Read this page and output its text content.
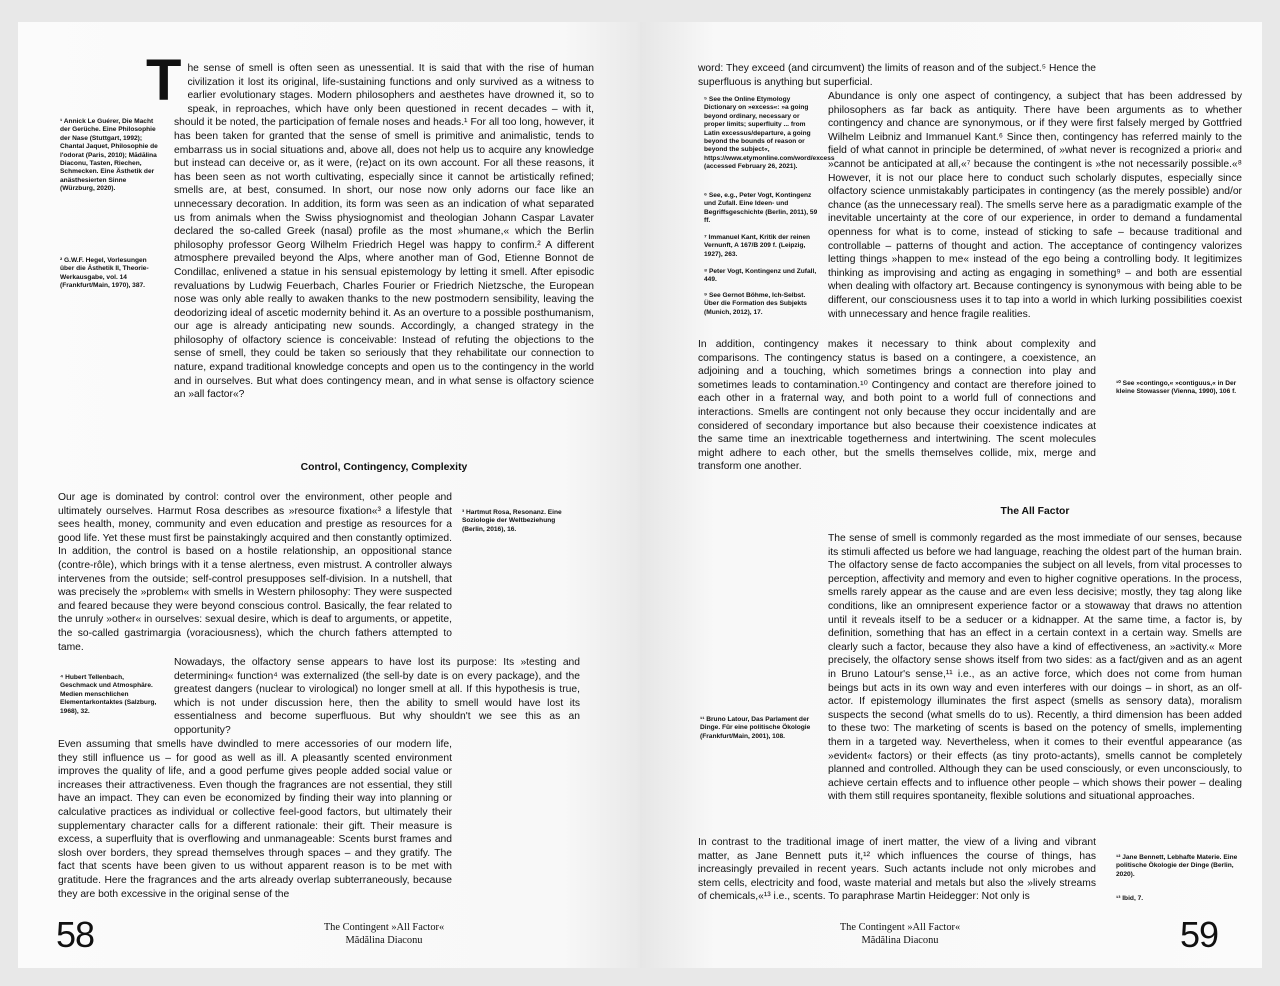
¹ Annick Le Guérer, Die Macht der Gerüche. Eine Philosophie der Nase (Stuttgart, 1992); Chantal Jaquet, Philosophie de l'odorat (Paris, 2010); Mădălina Diaconu, Tasten, Riechen, Schmecken. Eine Ästhetik der anästhesierten Sinne (Würzburg, 2020).
² G.W.F. Hegel, Vorlesungen über die Ästhetik II, Theorie-Werkausgabe, vol. 14 (Frankfurt/Main, 1970), 387.
T he sense of smell is often seen as unessential. It is said that with the rise of human civilization it lost its original, life-sustaining functions and only survived as a witness to earlier evolutionary stages. Modern philosophers and aesthetes have drowned it, so to speak, in reproaches, which have only been questioned in recent decades – with it, should it be noted, the participation of female noses and heads.¹ For all too long, however, it has been taken for granted that the sense of smell is primitive and animalistic, tends to embarrass us in social situations and, above all, does not help us to acquire any knowledge but instead can deceive or, as it were, (re)act on its own account. For all these reasons, it has been seen as not worth cultivating, especially since it cannot be artistically refined; smells are, at best, consumed. In short, our nose now only adorns our face like an unnecessary decoration. In addition, its form was seen as an indication of what separated us from animals when the Swiss physiognomist and theologian Johann Caspar Lavater declared the so-called Greek (nasal) profile as the most »humane,« which the Berlin philosophy professor Georg Wilhelm Friedrich Hegel was happy to confirm.² A different atmosphere prevailed beyond the Alps, where another man of God, Etienne Bonnot de Condillac, enlivened a statue in his sensual epistemology by letting it smell. After episodic revaluations by Ludwig Feuerbach, Charles Fourier or Friedrich Nietzsche, the European nose was only able really to awaken thanks to the new postmodern sensibility, leaving the deodorizing ideal of ascetic modernity behind it. As an overture to a possible posthumanism, our age is already anticipating new sounds. Accordingly, a changed strategy in the philosophy of olfactory science is conceivable: Instead of refuting the objections to the sense of smell, they could be taken so seriously that they rehabilitate our connection to nature, expand traditional knowledge concepts and open us to the contingency in the world and in ourselves. But what does contingency mean, and in what sense is olfactory science an »all factor«?

Control, Contingency, Complexity
Our age is dominated by control: control over the environment, other people and ultimately ourselves. Harmut Rosa describes as »resource fixation«³ a lifestyle that sees health, money, community and even education and prestige as resources for a good life. Yet these must first be painstakingly acquired and then constantly optimized. In addition, the control is based on a hostile relationship, an oppositional stance (contre-rôle), which brings with it a tense alertness, even mistrust. A controller always intervenes from the outside; self-control presupposes self-division. In a nutshell, that was precisely the »problem« with smells in Western philosophy: They were suspected and feared because they were beyond conscious control. Basically, the fear related to the unruly »other« in ourselves: sexual desire, which is deaf to arguments, or appetite, the so-called gastrimargia (voraciousness), which the church fathers attempted to tame.
³ Hartmut Rosa, Resonanz. Eine Soziologie der Weltbeziehung (Berlin, 2016), 16.
⁴ Hubert Tellenbach, Geschmack und Atmosphäre. Medien menschlichen Elementarkontaktes (Salzburg, 1968), 32.
Nowadays, the olfactory sense appears to have lost its purpose: Its »testing and determining« function⁴ was externalized (the sell-by date is on every package), and the greatest dangers (nuclear to virological) no longer smell at all. If this hypothesis is true, which is not under discussion here, then the ability to smell would have lost its essentialness and become superfluous. But why shouldn't we see this as an opportunity?
Even assuming that smells have dwindled to mere accessories of our modern life, they still influence us – for good as well as ill. A pleasantly scented environment improves the quality of life, and a good perfume gives people added social value or increases their attractiveness. Even though the fragrances are not essential, they still have an impact. They can even be economized by finding their way into planning or calculative practices as individual or collective feel-good factors, but ultimately their supplementary character calls for a different rationale: their gift. Their measure is excess, a superfluity that is overflowing and unmanageable: Scents burst frames and slosh over borders, they spread themselves through spaces – and they gratify. The fact that scents have been given to us without apparent reason is to be met with gratitude. Here the fragrances and the arts already overlap subterraneously, because they are both excessive in the original sense of the
58	The Contingent »All Factor«
Mădălina Diaconu
word: They exceed (and circumvent) the limits of reason and of the subject.⁵ Hence the superfluous is anything but superficial.
⁵ See the Online Etymology Dictionary on »excess«: »a going beyond ordinary, necessary or proper limits; superfluity ... from Latin excessus/departure, a going beyond the bounds of reason or beyond the subject«, https://www.etymonline.com/word/excess (accessed February 26, 2021).
⁶ See, e.g., Peter Vogt, Kontingenz und Zufall. Eine Ideen- und Begriffsgeschichte (Berlin, 2011), 59 ff.
⁷ Immanuel Kant, Kritik der reinen Vernunft, A 167/B 209 f. (Leipzig, 1927), 263.
⁸ Peter Vogt, Kontingenz und Zufall, 449.
⁹ See Gernot Böhme, Ich-Selbst. Über die Formation des Subjekts (Munich, 2012), 17.
Abundance is only one aspect of contingency, a subject that has been addressed by philosophers as far back as antiquity. There have been arguments as to whether contingency and chance are synonymous, or if they were first falsely merged by Gottfried Wilhelm Leibniz and Immanuel Kant.⁶ Since then, contingency has referred mainly to the field of what cannot in principle be determined, of »what never is recognized a priori« and »cannot be anticipated at all,«⁷ because the contingent is »the not necessarily possible.«⁸ However, it is not our place here to conduct such scholarly disputes, especially since olfactory science unmistakably participates in contingency (as the merely possible) and/or chance (as the unnecessary real). The smells serve here as a paradigmatic example of the inevitable uncertainty at the core of our experience, in order to demand a fundamental openness for what is to come, instead of sticking to safe – because traditional and controllable – patterns of thought and action. The acceptance of contingency valorizes letting things »happen to me« instead of the ego being a controlling body. It legitimizes thinking as improvising and acting as engaging in something⁹ – and both are essential when dealing with olfactory art. Because contingency is synonymous with being able to be different, our consciousness uses it to tap into a world in which lurking possibilities coexist with unnecessary and hence fragile realities.
In addition, contingency makes it necessary to think about complexity and comparisons. The contingency status is based on a contingere, a coexistence, an adjoining and a touching, which sometimes brings a connection into play and sometimes leads to contamination.¹⁰ Contingency and contact are therefore joined to each other in a fraternal way, and both point to a world full of connections and interactions. Smells are contingent not only because they occur incidentally and are considered of secondary importance but also because their coexistence indicates at the same time an inextricable togetherness and intertwining. The scent molecules might adhere to each other, but the smells themselves collide, mix, merge and transform one another.
¹⁰ See »contingo,« »contiguus,« in Der kleine Stowasser (Vienna, 1990), 106 f.
The All Factor
¹¹ Bruno Latour, Das Parlament der Dinge. Für eine politische Ökologie (Frankfurt/Main, 2001), 108.
The sense of smell is commonly regarded as the most immediate of our senses, because its stimuli affected us before we had language, reaching the oldest part of the human brain. The olfactory sense de facto accompanies the subject on all levels, from vital processes to perception, affectivity and memory and even to higher cognitive operations. In the process, smells rarely appear as the cause and are even less decisive; mostly, they tag along like conditions, like an omnipresent experience factor or a stowaway that draws no attention until it reveals itself to be a seducer or a kidnapper. At the same time, a factor is, by definition, something that has an effect in a certain context in a certain way. Smells are clearly such a factor, because they also have a kind of effectiveness, an »activity.« More precisely, the olfactory sense shows itself from two sides: as a fact/given and as an agent in Bruno Latour's sense,¹¹ i.e., as an active force, which does not come from human beings but acts in its own way and even interferes with our doings – in short, as an olf-actor. If epistemology illuminates the first aspect (smells as sensory data), moralism suspects the second (what smells do to us). Recently, a third dimension has been added to these two: The marketing of scents is based on the potency of smells, implementing them in a targeted way. Nevertheless, when it comes to their eventful appearance (as »evident« factors) or their effects (as tiny proto-actants), smells cannot be completely planned and controlled. Although they can be used consciously, or even unconsciously, to achieve certain effects and to influence other people – which shows their power – dealing with them still requires spontaneity, flexible solutions and situational approaches.
In contrast to the traditional image of inert matter, the view of a living and vibrant matter, as Jane Bennett puts it,¹² which influences the course of things, has increasingly prevailed in recent years. Such actants include not only microbes and stem cells, electricity and food, waste material and metals but also the »lively streams of chemicals,«¹³ i.e., scents. To paraphrase Martin Heidegger: Not only is
¹² Jane Bennett, Lebhafte Materie. Eine politische Ökologie der Dinge (Berlin, 2020).
¹³ Ibid, 7.
The Contingent »All Factor«
Mădălina Diaconu	59
